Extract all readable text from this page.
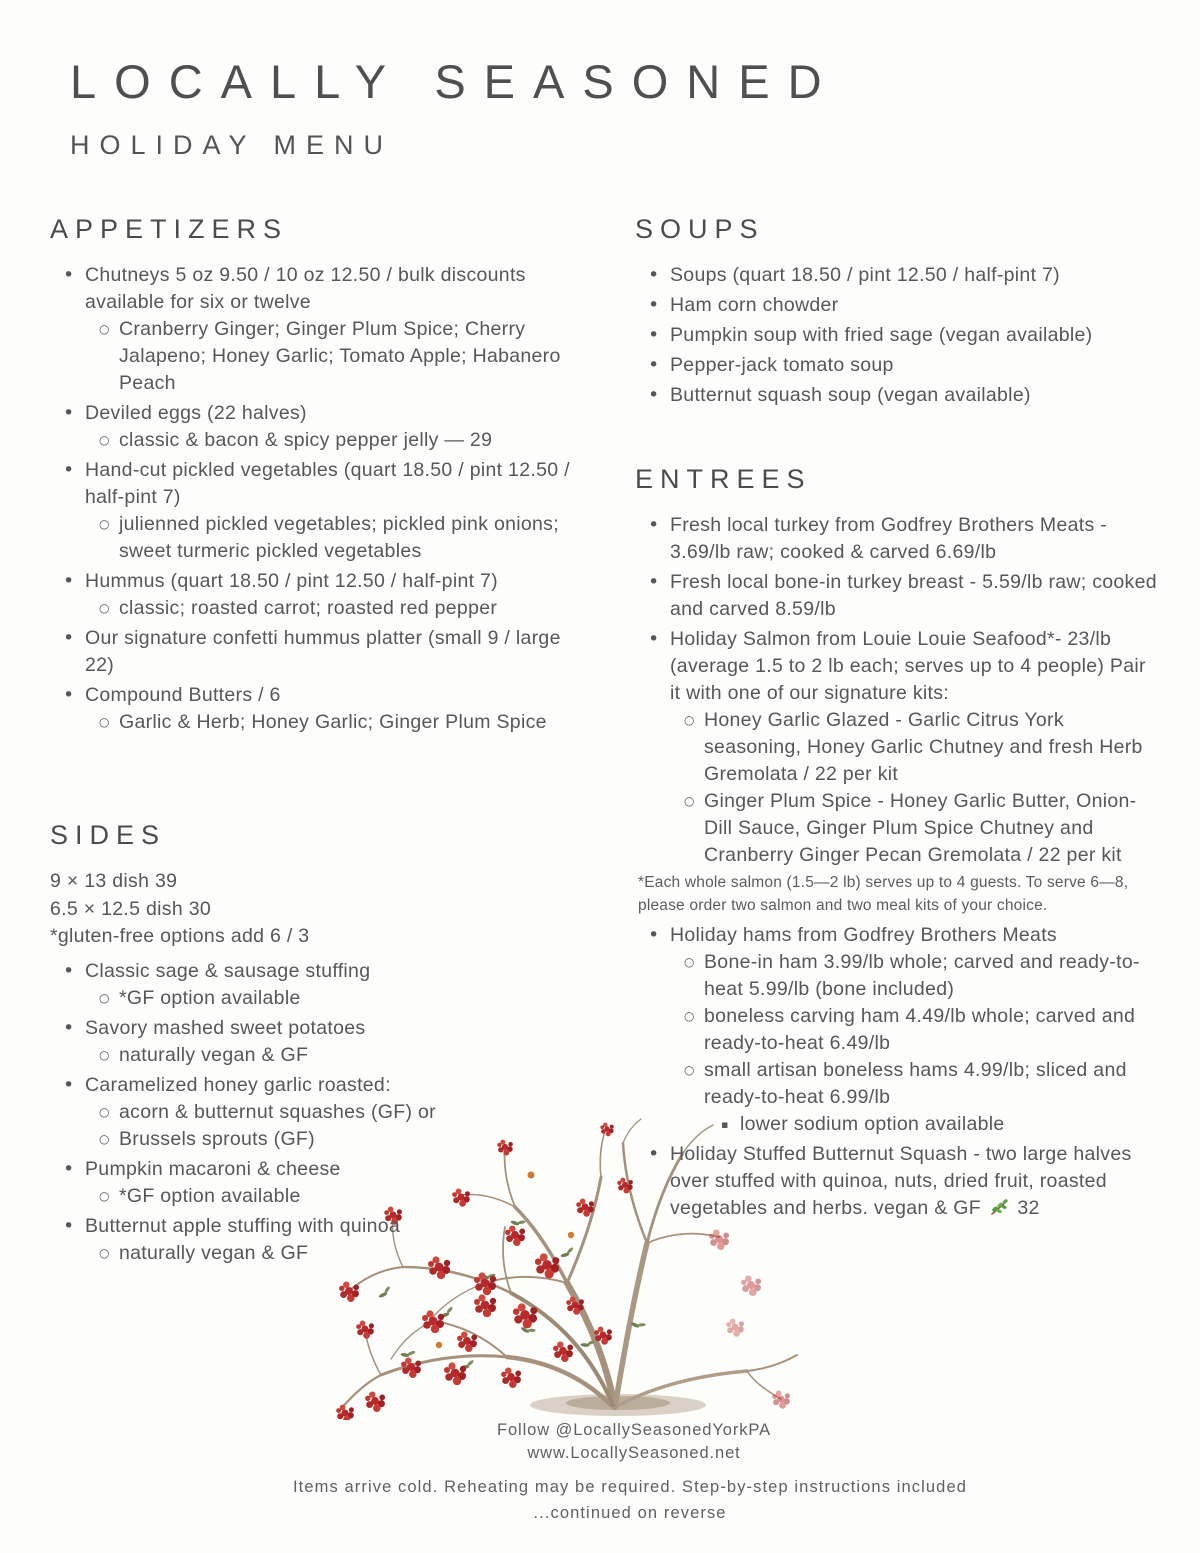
LOCALLY SEASONED
HOLIDAY MENU
APPETIZERS
• Chutneys 5 oz 9.50 / 10 oz 12.50 / bulk discounts available for six or twelve
○ Cranberry Ginger; Ginger Plum Spice; Cherry Jalapeno; Honey Garlic; Tomato Apple; Habanero Peach
• Deviled eggs (22 halves)
○ classic & bacon & spicy pepper jelly — 29
• Hand-cut pickled vegetables (quart 18.50 / pint 12.50 / half-pint 7)
○ julienned pickled vegetables; pickled pink onions; sweet turmeric pickled vegetables
• Hummus (quart 18.50 / pint 12.50 / half-pint 7)
○ classic; roasted carrot; roasted red pepper
• Our signature confetti hummus platter (small 9 / large 22)
• Compound Butters / 6
○ Garlic & Herb; Honey Garlic; Ginger Plum Spice
SIDES
9 × 13 dish 39
6.5 × 12.5 dish 30
*gluten-free options add 6 / 3
• Classic sage & sausage stuffing
○ *GF option available
• Savory mashed sweet potatoes
○ naturally vegan & GF
• Caramelized honey garlic roasted:
○ acorn & butternut squashes (GF) or
○ Brussels sprouts (GF)
• Pumpkin macaroni & cheese
○ *GF option available
• Butternut apple stuffing with quinoa
○ naturally vegan & GF
SOUPS
• Soups (quart 18.50 / pint 12.50 / half-pint 7)
• Ham corn chowder
• Pumpkin soup with fried sage (vegan available)
• Pepper-jack tomato soup
• Butternut squash soup (vegan available)
ENTREES
• Fresh local turkey from Godfrey Brothers Meats - 3.69/lb raw; cooked & carved 6.69/lb
• Fresh local bone-in turkey breast - 5.59/lb raw; cooked and carved 8.59/lb
• Holiday Salmon from Louie Louie Seafood*- 23/lb (average 1.5 to 2 lb each; serves up to 4 people) Pair it with one of our signature kits:
○ Honey Garlic Glazed - Garlic Citrus York seasoning, Honey Garlic Chutney and fresh Herb Gremolata / 22 per kit
○ Ginger Plum Spice - Honey Garlic Butter, Onion-Dill Sauce, Ginger Plum Spice Chutney and Cranberry Ginger Pecan Gremolata / 22 per kit
*Each whole salmon (1.5—2 lb) serves up to 4 guests. To serve 6—8, please order two salmon and two meal kits of your choice.
• Holiday hams from Godfrey Brothers Meats
○ Bone-in ham 3.99/lb whole; carved and ready-to-heat 5.99/lb (bone included)
○ boneless carving ham 4.49/lb whole; carved and ready-to-heat 6.49/lb
○ small artisan boneless hams 4.99/lb; sliced and ready-to-heat 6.99/lb
▪ lower sodium option available
• Holiday Stuffed Butternut Squash - two large halves over stuffed with quinoa, nuts, dried fruit, roasted vegetables and herbs. vegan & GF  32
Follow @LocallySeasonedYorkPA
www.LocallySeasoned.net
Items arrive cold. Reheating may be required. Step-by-step instructions included
...continued on reverse
